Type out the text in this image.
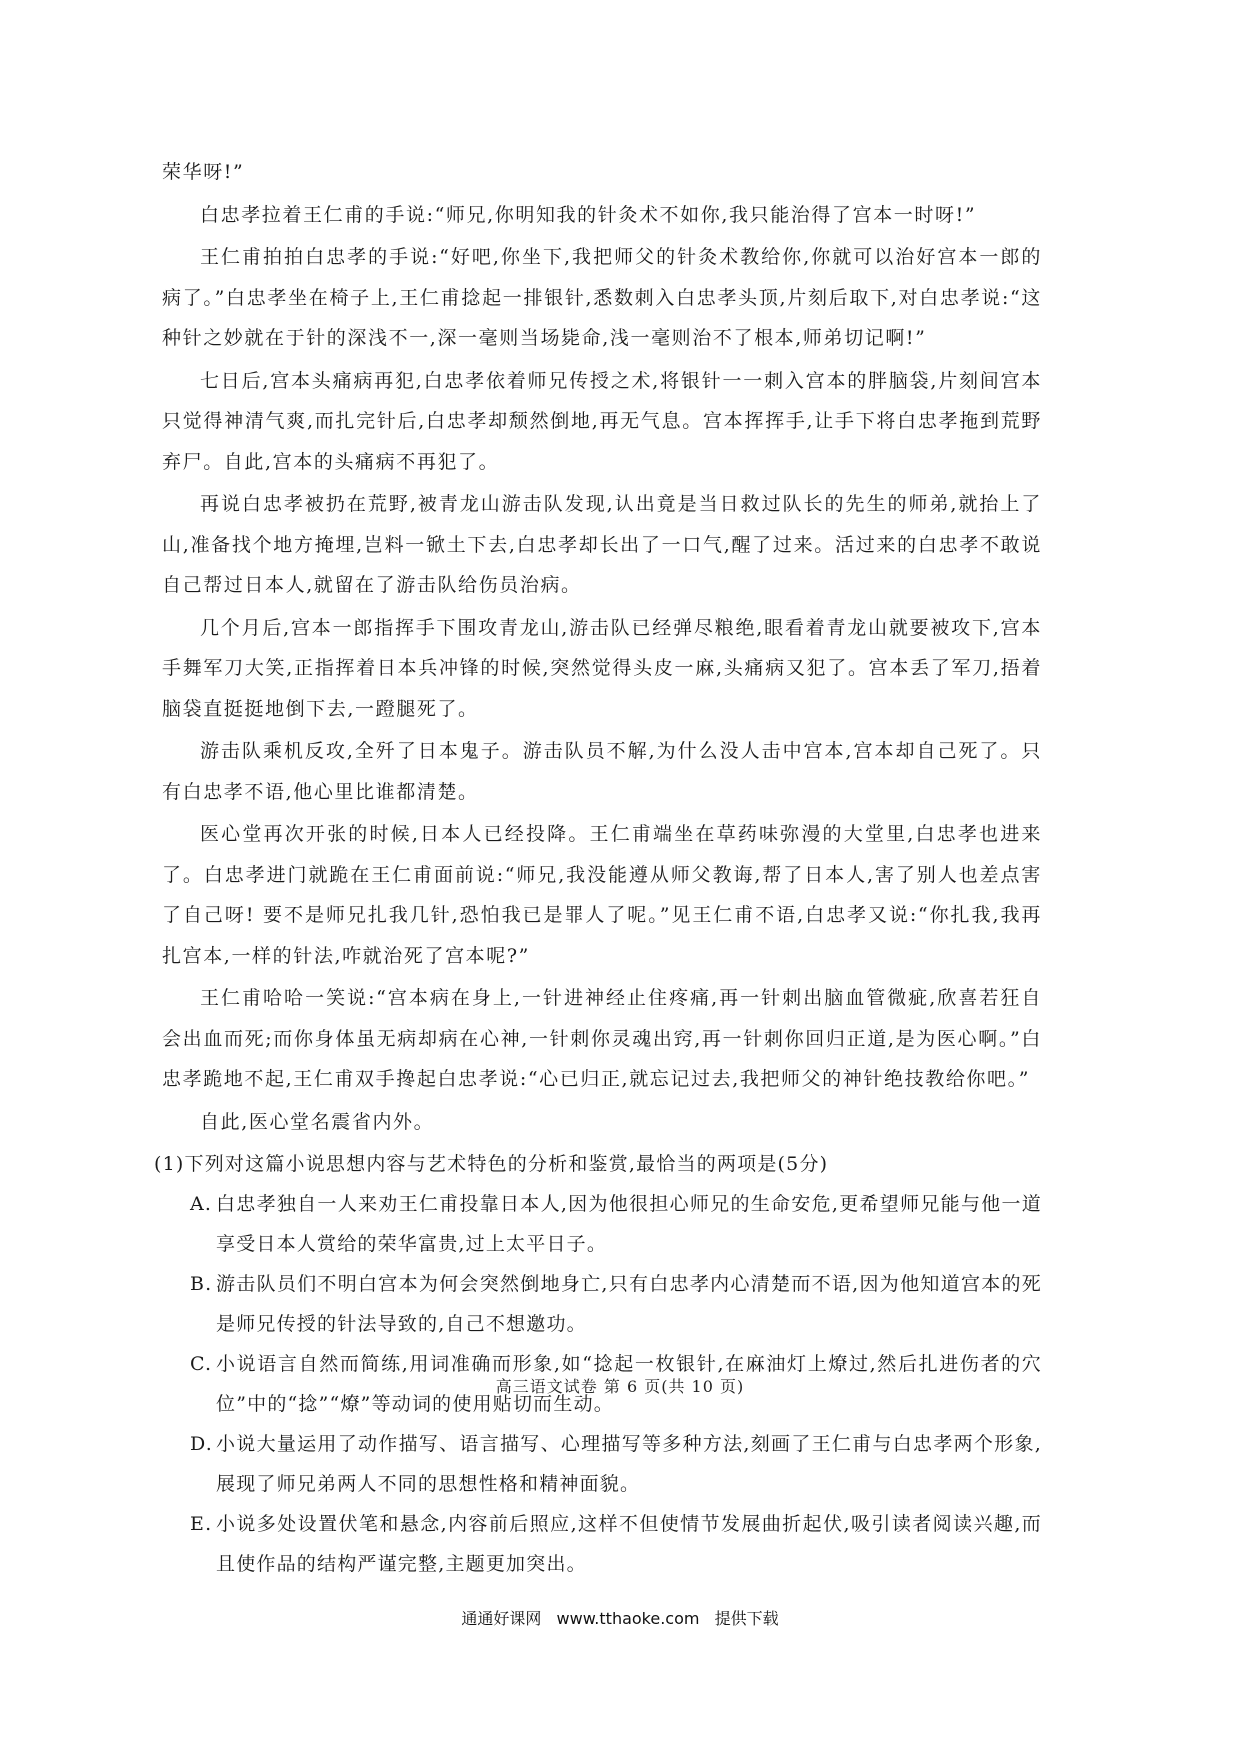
荣华呀!”

白忠孝拉着王仁甫的手说:“师兄,你明知我的针灸术不如你,我只能治得了宫本一时呀!”

王仁甫拍拍白忠孝的手说:“好吧,你坐下,我把师父的针灸术教给你,你就可以治好宫本一郎的病了。”白忠孝坐在椅子上,王仁甫捻起一排银针,悉数刺入白忠孝头顶,片刻后取下,对白忠孝说:“这种针之妙就在于针的深浅不一,深一毫则当场毙命,浅一毫则治不了根本,师弟切记啊!”

七日后,宫本头痛病再犯,白忠孝依着师兄传授之术,将银针一一刺入宫本的胖脑袋,片刻间宫本只觉得神清气爽,而扎完针后,白忠孝却颓然倒地,再无气息。宫本挥挥手,让手下将白忠孝拖到荒野弃尸。自此,宫本的头痛病不再犯了。

再说白忠孝被扔在荒野,被青龙山游击队发现,认出竟是当日救过队长的先生的师弟,就抬上了山,准备找个地方掩埋,岂料一锨土下去,白忠孝却长出了一口气,醒了过来。活过来的白忠孝不敢说自己帮过日本人,就留在了游击队给伤员治病。

几个月后,宫本一郎指挥手下围攻青龙山,游击队已经弹尽粮绝,眼看着青龙山就要被攻下,宫本手舞军刀大笑,正指挥着日本兵冲锋的时候,突然觉得头皮一麻,头痛病又犯了。宫本丢了军刀,捂着脑袋直挺挺地倒下去,一蹬腿死了。

游击队乘机反攻,全歼了日本鬼子。游击队员不解,为什么没人击中宫本,宫本却自己死了。只有白忠孝不语,他心里比谁都清楚。

医心堂再次开张的时候,日本人已经投降。王仁甫端坐在草药味弥漫的大堂里,白忠孝也进来了。白忠孝进门就跪在王仁甫面前说:“师兄,我没能遵从师父教诲,帮了日本人,害了别人也差点害了自己呀! 要不是师兄扎我几针,恐怕我已是罪人了呢。”见王仁甫不语,白忠孝又说:“你扎我,我再扎宫本,一样的针法,咋就治死了宫本呢?”

王仁甫哈哈一笑说:“宫本病在身上,一针进神经止住疼痛,再一针刺出脑血管微疵,欣喜若狂自会出血而死;而你身体虽无病却病在心神,一针刺你灵魂出窍,再一针刺你回归正道,是为医心啊。”白忠孝跪地不起,王仁甫双手搀起白忠孝说:“心已归正,就忘记过去,我把师父的神针绝技教给你吧。”

自此,医心堂名震省内外。

(1)下列对这篇小说思想内容与艺术特色的分析和鉴赏,最恰当的两项是(5分)
A. 白忠孝独自一人来劝王仁甫投靠日本人,因为他很担心师兄的生命安危,更希望师兄能与他一道享受日本人赏给的荣华富贵,过上太平日子。
B. 游击队员们不明白宫本为何会突然倒地身亡,只有白忠孝内心清楚而不语,因为他知道宫本的死是师兄传授的针法导致的,自己不想邀功。
C. 小说语言自然而简练,用词准确而形象,如“捻起一枚银针,在麻油灯上燎过,然后扎进伤者的穴位”中的“捻”“燎”等动词的使用贴切而生动。
D. 小说大量运用了动作描写、语言描写、心理描写等多种方法,刻画了王仁甫与白忠孝两个形象,展现了师兄弟两人不同的思想性格和精神面貌。
E. 小说多处设置伏笔和悬念,内容前后照应,这样不但使情节发展曲折起伏,吸引读者阅读兴趣,而且使作品的结构严谨完整,主题更加突出。
高三语文试卷 第 6 页(共 10 页)
通通好课网 www.tthaoke.com 提供下载
